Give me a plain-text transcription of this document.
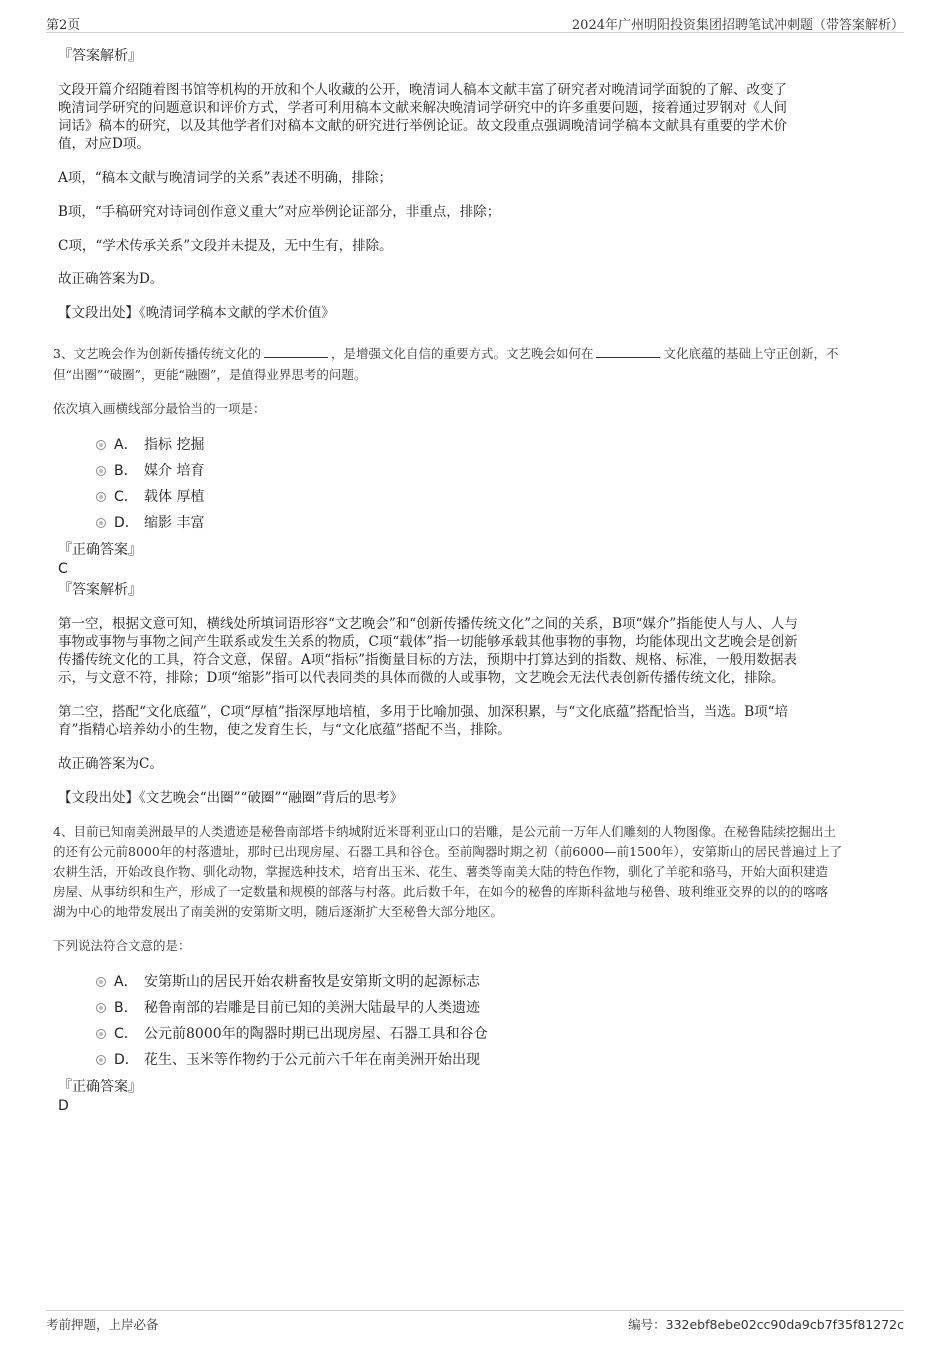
第2页	2024年广州明阳投资集团招聘笔试冲刺题（带答案解析）
『答案解析』
文段开篇介绍随着图书馆等机构的开放和个人收藏的公开，晚清词人稿本文献丰富了研究者对晚清词学面貌的了解、改变了
晚清词学研究的问题意识和评价方式，学者可利用稿本文献来解决晚清词学研究中的许多重要问题，接着通过罗钢对《人间
词话》稿本的研究，以及其他学者们对稿本文献的研究进行举例论证。故文段重点强调晚清词学稿本文献具有重要的学术价
值，对应D项。
A项，“稿本文献与晚清词学的关系”表述不明确，排除；
B项，“手稿研究对诗词创作意义重大”对应举例论证部分，非重点，排除；
C项，“学术传承关系”文段并未提及，无中生有，排除。
故正确答案为D。
【文段出处】《晚清词学稿本文献的学术价值》
3、文艺晚会作为创新传播传统文化的	，是增强文化自信的重要方式。文艺晚会如何在	文化底蕴的基础上守正创新，不
但“出圈”“破圈”，更能“融圈”，是值得业界思考的问题。
依次填入画横线部分最恰当的一项是：
A． 指标 挖掘
B． 媒介 培育
C． 载体 厚植
D． 缩影 丰富
『正确答案』
C
『答案解析』
第一空，根据文意可知，横线处所填词语形容“文艺晚会”和“创新传播传统文化”之间的关系，B项“媒介”指能使人与人、人与
事物或事物与事物之间产生联系或发生关系的物质，C项“载体”指一切能够承载其他事物的事物，均能体现出文艺晚会是创新
传播传统文化的工具，符合文意，保留。A项“指标”指衡量目标的方法，预期中打算达到的指数、规格、标准，一般用数据表
示，与文意不符，排除；D项“缩影”指可以代表同类的具体而微的人或事物，文艺晚会无法代表创新传播传统文化，排除。
第二空，搭配“文化底蕴”，C项“厚植”指深厚地培植，多用于比喻加强、加深积累，与“文化底蕴”搭配恰当，当选。B项“培
育”指精心培养幼小的生物，使之发育生长，与“文化底蕴”搭配不当，排除。
故正确答案为C。
【文段出处】《文艺晚会“出圈”“破圈”“融圈”背后的思考》
4、目前已知南美洲最早的人类遗迹是秘鲁南部塔卡纳城附近米哥利亚山口的岩雕，是公元前一万年人们雕刻的人物图像。在秘鲁陆续挖掘出土
的还有公元前8000年的村落遗址，那时已出现房屋、石器工具和谷仓。至前陶器时期之初（前6000—前1500年），安第斯山的居民普遍过上了
农耕生活，开始改良作物、驯化动物，掌握选种技术，培育出玉米、花生、薯类等南美大陆的特色作物，驯化了羊驼和骆马，开始大面积建造
房屋、从事纺织和生产，形成了一定数量和规模的部落与村落。此后数千年，在如今的秘鲁的库斯科盆地与秘鲁、玻利维亚交界的以的的喀喀
湖为中心的地带发展出了南美洲的安第斯文明，随后逐渐扩大至秘鲁大部分地区。
下列说法符合文意的是：
A． 安第斯山的居民开始农耕畜牧是安第斯文明的起源标志
B． 秘鲁南部的岩雕是目前已知的美洲大陆最早的人类遗迹
C． 公元前8000年的陶器时期已出现房屋、石器工具和谷仓
D． 花生、玉米等作物约于公元前六千年在南美洲开始出现
『正确答案』
D
考前押题，上岸必备	编号：332ebf8ebe02cc90da9cb7f35f81272c
